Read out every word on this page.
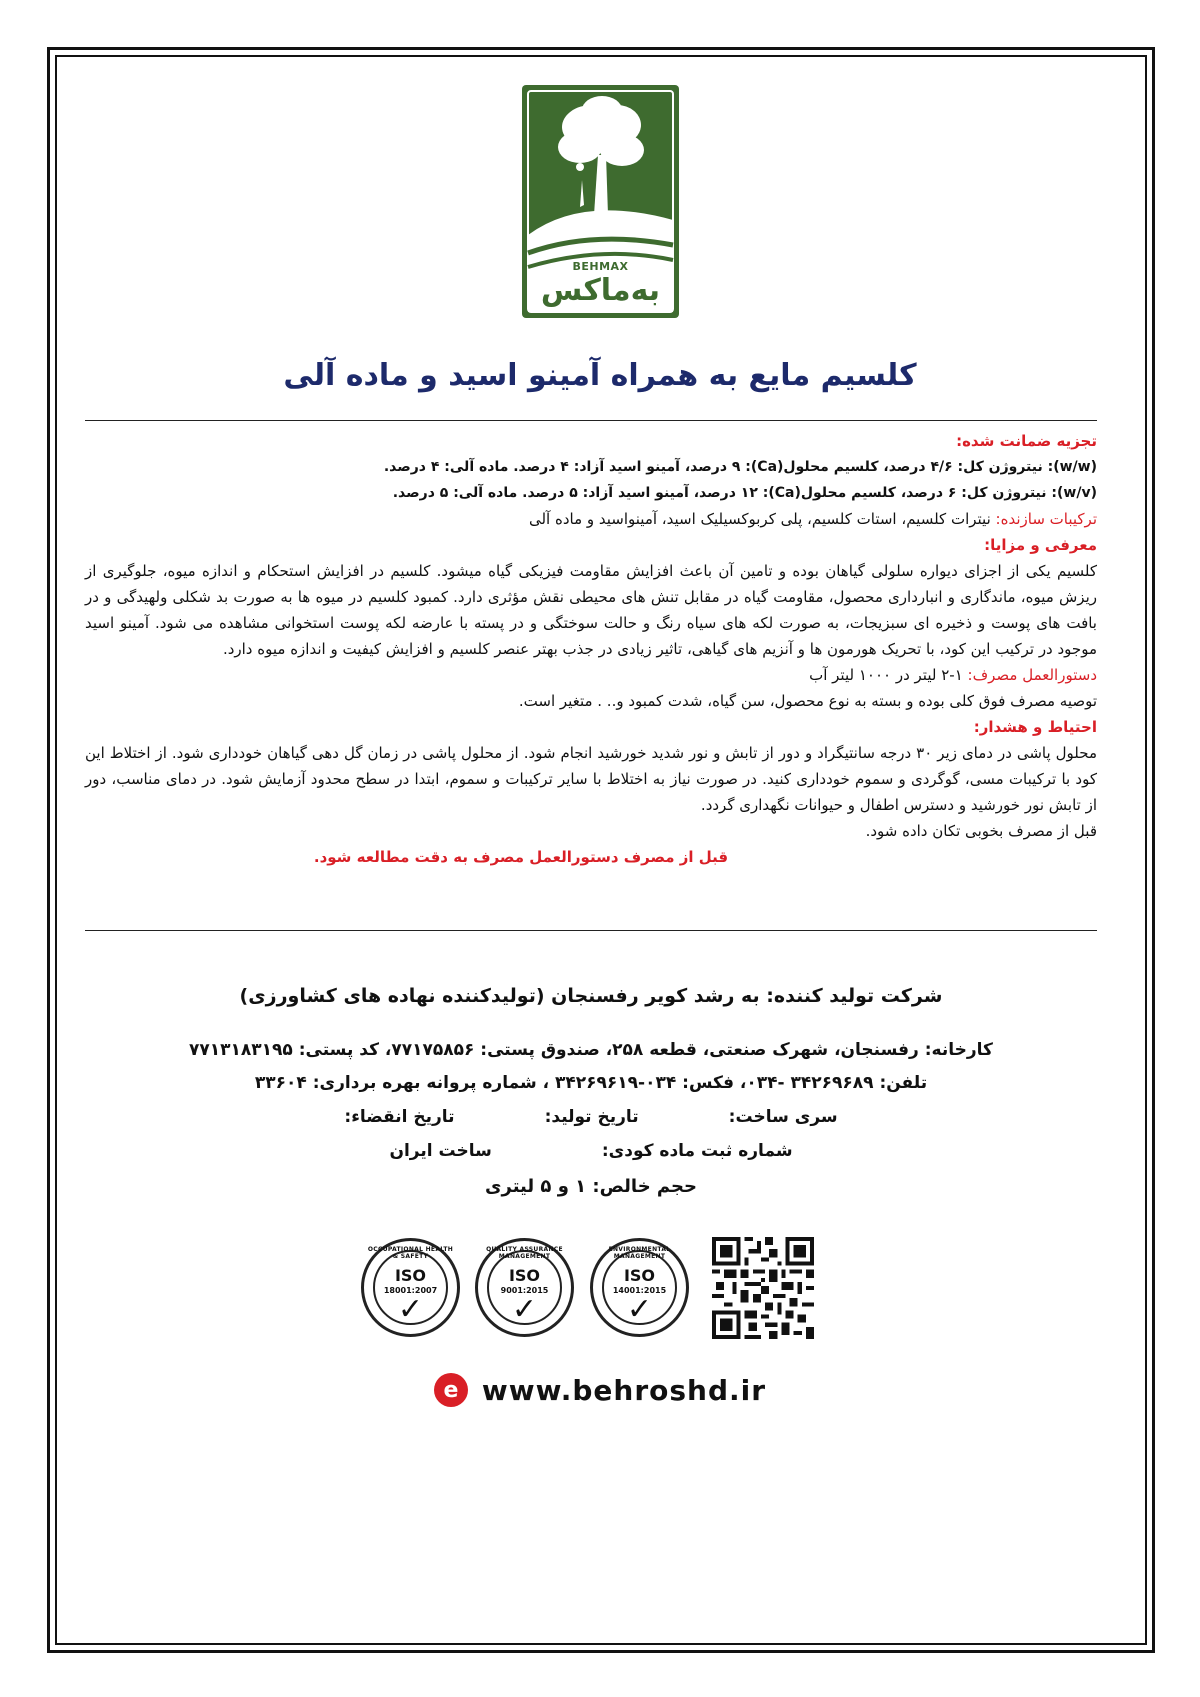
BEHMAX
به‌ماکس
کلسیم مایع به همراه آمینو اسید و ماده آلی

تجزیه ضمانت شده:

(w/w): نیتروژن کل: ۴/۶ درصد، کلسیم محلول(Ca): ۹ درصد، آمینو اسید آزاد: ۴ درصد. ماده آلی: ۴ درصد.

(w/v): نیتروژن کل: ۶ درصد، کلسیم محلول(Ca): ۱۲ درصد، آمینو اسید آزاد: ۵ درصد. ماده آلی: ۵ درصد.

ترکیبات سازنده: نیترات کلسیم، استات کلسیم، پلی کربوکسیلیک اسید، آمینواسید و ماده آلی

معرفی و مزایا:

کلسیم یکی از اجزای دیواره سلولی گیاهان بوده و تامین آن باعث افزایش مقاومت فیزیکی گیاه میشود. کلسیم در افزایش استحکام و اندازه میوه، جلوگیری از ریزش میوه، ماندگاری و انبارداری محصول، مقاومت گیاه در مقابل تنش های محیطی نقش مؤثری دارد. کمبود کلسیم در میوه ها به صورت بد شکلی ولهیدگی و در بافت های پوست و ذخیره ای سبزیجات، به صورت لکه های سیاه رنگ و حالت سوختگی و در پسته با عارضه لکه پوست استخوانی مشاهده می شود. آمینو اسید موجود در ترکیب این کود، با تحریک هورمون ها و آنزیم های گیاهی، تاثیر زیادی در جذب بهتر عنصر کلسیم و افزایش کیفیت و اندازه میوه دارد.

دستورالعمل مصرف: ۱-۲ لیتر در ۱۰۰۰ لیتر آب

توصیه مصرف فوق کلی بوده و بسته به نوع محصول، سن گیاه، شدت کمبود و.. . متغیر است.

احتیاط و هشدار:

محلول پاشی در دمای زیر ۳۰ درجه سانتیگراد و دور از تابش و نور شدید خورشید انجام شود. از محلول پاشی در زمان گل دهی گیاهان خودداری شود. از اختلاط این کود با ترکیبات مسی، گوگردی و سموم خودداری کنید. در صورت نیاز به اختلاط با سایر ترکیبات و سموم، ابتدا در سطح محدود آزمایش شود. در دمای مناسب، دور از تابش نور خورشید و دسترس اطفال و حیوانات نگهداری گردد.

قبل از مصرف بخوبی تکان داده شود.

قبل از مصرف دستورالعمل مصرف به دقت مطالعه شود.

شرکت تولید کننده: به رشد کویر رفسنجان (تولیدکننده نهاده های کشاورزی)
کارخانه: رفسنجان، شهرک صنعتی، قطعه ۲۵۸، صندوق پستی: ۷۷۱۷۵۸۵۶، کد پستی: ۷۷۱۳۱۸۳۱۹۵
تلفن: ۳۴۲۶۹۶۸۹ -۰۳۴، فکس: ۰۳۴-۳۴۲۶۹۶۱۹ ، شماره پروانه بهره برداری: ۳۳۶۰۴
سری ساخت:
تاریخ تولید:
تاریخ انقضاء:
شماره ثبت ماده کودی:
ساخت ایران
حجم خالص: ۱ و ۵ لیتری
OCCUPATIONAL HEALTH & SAFETY
ISO
18001:2007
✓
QUALITY ASSURANCE MANAGEMENT
ISO
9001:2015
✓
ENVIRONMENTAL MANAGEMENT
ISO
14001:2015
✓
e www.behroshd.ir
